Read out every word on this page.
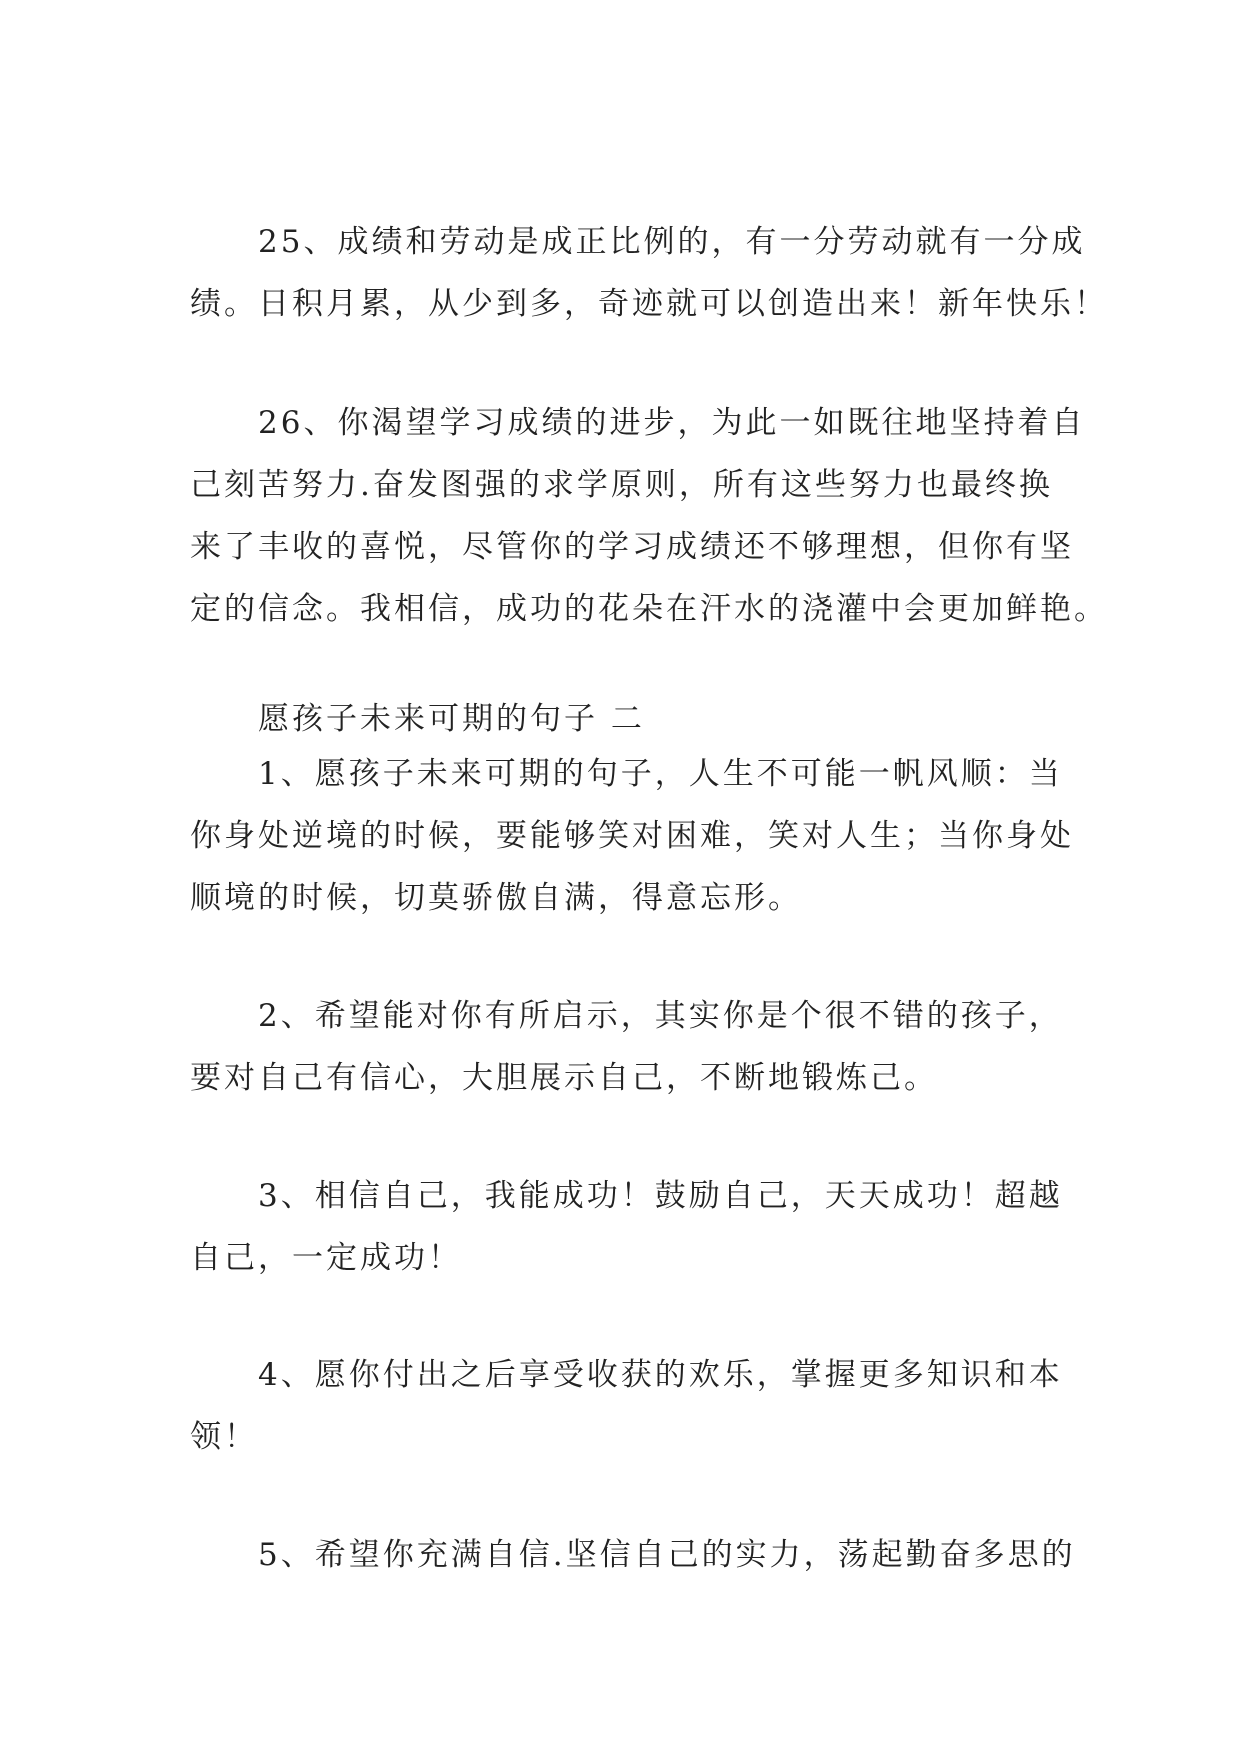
　　25、成绩和劳动是成正比例的，有一分劳动就有一分成
绩。日积月累，从少到多，奇迹就可以创造出来！新年快乐！
　　26、你渴望学习成绩的进步，为此一如既往地坚持着自
己刻苦努力.奋发图强的求学原则，所有这些努力也最终换
来了丰收的喜悦，尽管你的学习成绩还不够理想，但你有坚
定的信念。我相信，成功的花朵在汗水的浇灌中会更加鲜艳。
　　愿孩子未来可期的句子 二
　　1、愿孩子未来可期的句子，人生不可能一帆风顺：当
你身处逆境的时候，要能够笑对困难，笑对人生；当你身处
顺境的时候，切莫骄傲自满，得意忘形。
　　2、希望能对你有所启示，其实你是个很不错的孩子，
要对自己有信心，大胆展示自己，不断地锻炼己。
　　3、相信自己，我能成功！鼓励自己，天天成功！超越
自己，一定成功！
　　4、愿你付出之后享受收获的欢乐，掌握更多知识和本
领！
　　5、希望你充满自信.坚信自己的实力，荡起勤奋多思的
